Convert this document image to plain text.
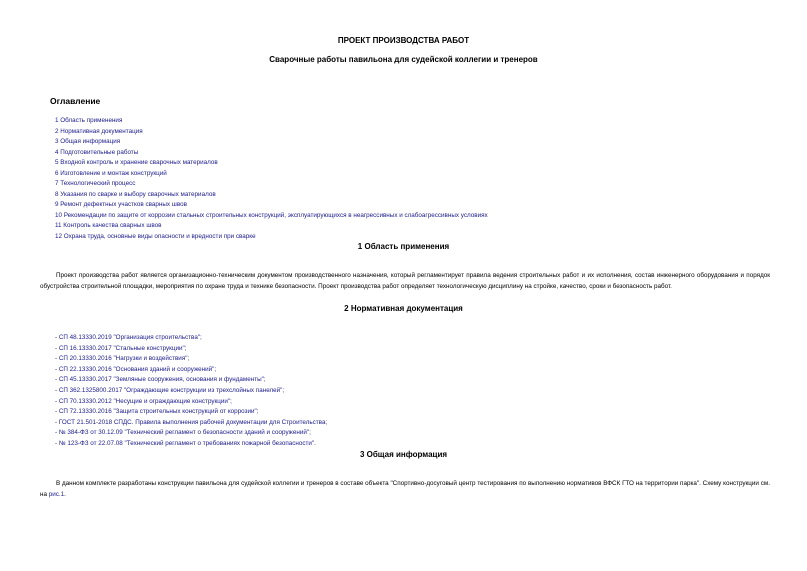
ПРОЕКТ ПРОИЗВОДСТВА РАБОТ
Сварочные работы павильона для судейской коллегии и тренеров
Оглавление
1 Область применения
2 Нормативная документация
3 Общая информация
4 Подготовительные работы
5 Входной контроль и хранение сварочных материалов
6 Изготовление и монтаж конструкций
7 Технологический процесс
8 Указания по сварке и выбору сварочных материалов
9 Ремонт дефектных участков сварных швов
10 Рекомендации по защите от коррозии стальных строительных конструкций, эксплуатирующихся в неагрессивных и слабоагрессивных условиях
11 Контроль качества сварных швов
12 Охрана труда, основные виды опасности и вредности при сварке
1 Область применения

Проект производства работ является организационно-техническим документом производственного назначения, который регламентирует правила ведения строительных работ и их исполнения, состав инженерного оборудования и порядок обустройства строительной площадки, мероприятия по охране труда и технике безопасности. Проект производства работ определяет технологическую дисциплину на стройке, качество, сроки и безопасность работ.

2 Нормативная документация
- СП 48.13330.2019 "Организация строительства";
- СП 16.13330.2017 "Стальные конструкции";
- СП 20.13330.2016 "Нагрузки и воздействия";
- СП 22.13330.2016 "Основания зданий и сооружений";
- СП 45.13330.2017 "Земляные сооружения, основания и фундаменты";
- СП 362.1325800.2017 "Ограждающие конструкции из трехслойных панелей";
- СП 70.13330.2012 "Несущие и ограждающие конструкции";
- СП 72.13330.2016 "Защита строительных конструкций от коррозии";
- ГОСТ 21.501-2018 СПДС. Правила выполнения рабочей документации для Строительства;
- № 384-ФЗ от 30.12.09 "Технический регламент о безопасности зданий и сооружений";
- № 123-ФЗ от 22.07.08 "Технический регламент о требованиях пожарной безопасности".
3 Общая информация

В данном комплекте разработаны конструкции павильона для судейской коллегии и тренеров в составе объекта "Спортивно-досуговый центр тестирования по выполнению нормативов ВФСК ГТО на территории парка". Схему конструкции см. на рис.1.
